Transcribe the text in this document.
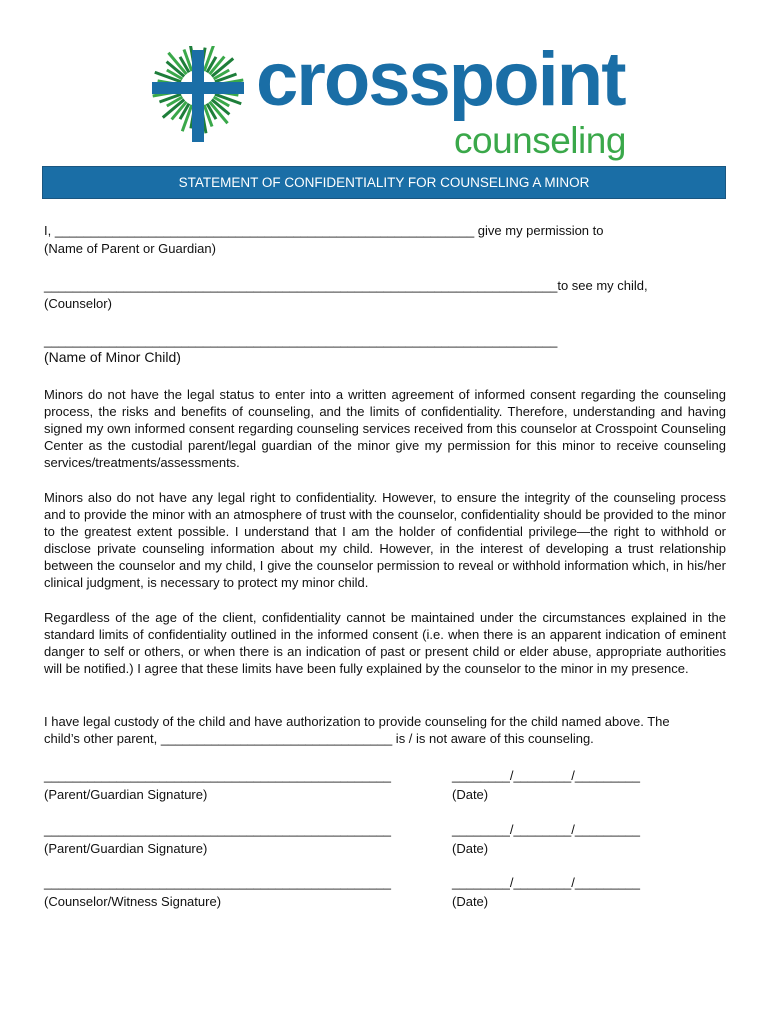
crosspoint
counseling
STATEMENT OF CONFIDENTIALITY FOR COUNSELING A MINOR
I, __________________________________________________________ give my permission to
(Name of Parent or Guardian)
_______________________________________________________________________to see my child,
(Counselor)
_______________________________________________________________________
(Name of Minor Child)
Minors do not have the legal status to enter into a written agreement of informed consent regarding the counseling process, the risks and benefits of counseling, and the limits of confidentiality. Therefore, understanding and having signed my own informed consent regarding counseling services received from this counselor at Crosspoint Counseling Center as the custodial parent/legal guardian of the minor give my permission for this minor to receive counseling services/treatments/assessments.
Minors also do not have any legal right to confidentiality. However, to ensure the integrity of the counseling process and to provide the minor with an atmosphere of trust with the counselor, confidentiality should be provided to the minor to the greatest extent possible. I understand that I am the holder of confidential privilege—the right to withhold or disclose private counseling information about my child. However, in the interest of developing a trust relationship between the counselor and my child, I give the counselor permission to reveal or withhold information which, in his/her clinical judgment, is necessary to protect my minor child.
Regardless of the age of the client, confidentiality cannot be maintained under the circumstances explained in the standard limits of confidentiality outlined in the informed consent (i.e. when there is an apparent indication of eminent danger to self or others, or when there is an indication of past or present child or elder abuse, appropriate authorities will be notified.) I agree that these limits have been fully explained by the counselor to the minor in my presence.
I have legal custody of the child and have authorization to provide counseling for the child named above. The
child’s other parent, ________________________________ is / is not aware of this counseling.
________________________________________________	________/________/_________
(Parent/Guardian Signature)	(Date)
________________________________________________	________/________/_________
(Parent/Guardian Signature)	(Date)
________________________________________________	________/________/_________
(Counselor/Witness Signature)	(Date)
